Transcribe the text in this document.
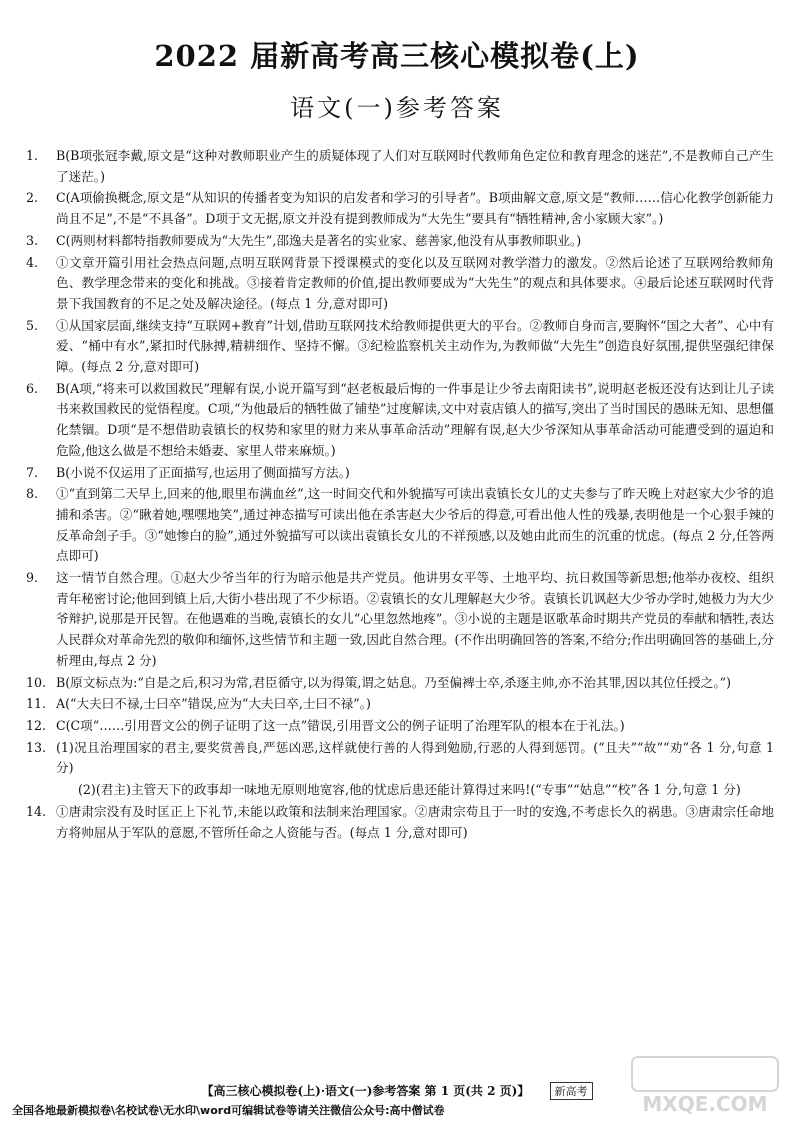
2022 届新高考高三核心模拟卷(上)
语文(一)参考答案
1.	B(B项张冠李戴,原文是“这种对教师职业产生的质疑体现了人们对互联网时代教师角色定位和教育理念的迷茫”,不是教师自己产生了迷茫。)
2.	C(A项偷换概念,原文是“从知识的传播者变为知识的启发者和学习的引导者”。B项曲解文意,原文是“教师……信心化教学创新能力尚且不足”,不是“不具备”。D项于文无据,原文并没有提到教师成为“大先生”要具有“牺牲精神,舍小家顾大家”。)
3.	C(两则材料都特指教师要成为“大先生”,邵逸夫是著名的实业家、慈善家,他没有从事教师职业。)
4.	①文章开篇引用社会热点问题,点明互联网背景下授课模式的变化以及互联网对教学潜力的激发。②然后论述了互联网给教师角色、教学理念带来的变化和挑战。③接着肯定教师的价值,提出教师要成为“大先生”的观点和具体要求。④最后论述互联网时代背景下我国教育的不足之处及解决途径。(每点 1 分,意对即可)
5.	①从国家层面,继续支持“互联网+教育”计划,借助互联网技术给教师提供更大的平台。②教师自身而言,要胸怀“国之大者”、心中有爱、“桶中有水”,紧扣时代脉搏,精耕细作、坚持不懈。③纪检监察机关主动作为,为教师做“大先生”创造良好氛围,提供坚强纪律保障。(每点 2 分,意对即可)
6.	B(A项,“将来可以救国救民”理解有误,小说开篇写到“赵老板最后悔的一件事是让少爷去南阳读书”,说明赵老板还没有达到让儿子读书来救国救民的觉悟程度。C项,“为他最后的牺牲做了铺垫”过度解读,文中对袁店镇人的描写,突出了当时国民的愚昧无知、思想僵化禁锢。D项“是不想借助袁镇长的权势和家里的财力来从事革命活动”理解有误,赵大少爷深知从事革命活动可能遭受到的逼迫和危险,他这么做是不想给未婚妻、家里人带来麻烦。)
7.	B(小说不仅运用了正面描写,也运用了侧面描写方法。)
8.	①“直到第二天早上,回来的他,眼里布满血丝”,这一时间交代和外貌描写可读出袁镇长女儿的丈夫参与了昨天晚上对赵家大少爷的追捕和杀害。②“瞅着她,嘿嘿地笑”,通过神态描写可读出他在杀害赵大少爷后的得意,可看出他人性的残暴,表明他是一个心狠手辣的反革命刽子手。③“她惨白的脸”,通过外貌描写可以读出袁镇长女儿的不祥预感,以及她由此而生的沉重的忧虑。(每点 2 分,任答两点即可)
9.	这一情节自然合理。①赵大少爷当年的行为暗示他是共产党员。他讲男女平等、土地平均、抗日救国等新思想;他举办夜校、组织青年秘密讨论;他回到镇上后,大街小巷出现了不少标语。②袁镇长的女儿理解赵大少爷。袁镇长讥讽赵大少爷办学时,她极力为大少爷辩护,说那是开民智。在他遇难的当晚,袁镇长的女儿“心里忽然地疼”。③小说的主题是讴歌革命时期共产党员的奉献和牺牲,表达人民群众对革命先烈的敬仰和缅怀,这些情节和主题一致,因此自然合理。(不作出明确回答的答案,不给分;作出明确回答的基础上,分析理由,每点 2 分)
10. B(原文标点为:“自是之后,积习为常,君臣循守,以为得策,谓之姑息。乃至偏裨士卒,杀逐主帅,亦不治其罪,因以其位任授之。”)
11. A(“大夫曰不禄,士曰卒”错误,应为“大夫曰卒,士曰不禄”。)
12. C(C项“……引用晋文公的例子证明了这一点”错误,引用晋文公的例子证明了治理军队的根本在于礼法。)
13. (1)况且治理国家的君主,要奖赏善良,严惩凶恶,这样就使行善的人得到勉励,行恶的人得到惩罚。(“且夫”“故”“劝”各 1 分,句意 1 分)
(2)(君主)主管天下的政事却一味地无原则地宽容,他的忧虑后患还能计算得过来吗!(“专事”“姑息”“校”各 1 分,句意 1 分)
14. ①唐肃宗没有及时匡正上下礼节,未能以政策和法制来治理国家。②唐肃宗苟且于一时的安逸,不考虑长久的祸患。③唐肃宗任命地方将帅屈从于军队的意愿,不管所任命之人资能与否。(每点 1 分,意对即可)
【高三核心模拟卷(上)·语文(一)参考答案 第 1 页(共 2 页)】 新高考
全国各地最新模拟卷\名校试卷\无水印\word可编辑试卷等请关注微信公众号:高中僧试卷	MXQE.COM
